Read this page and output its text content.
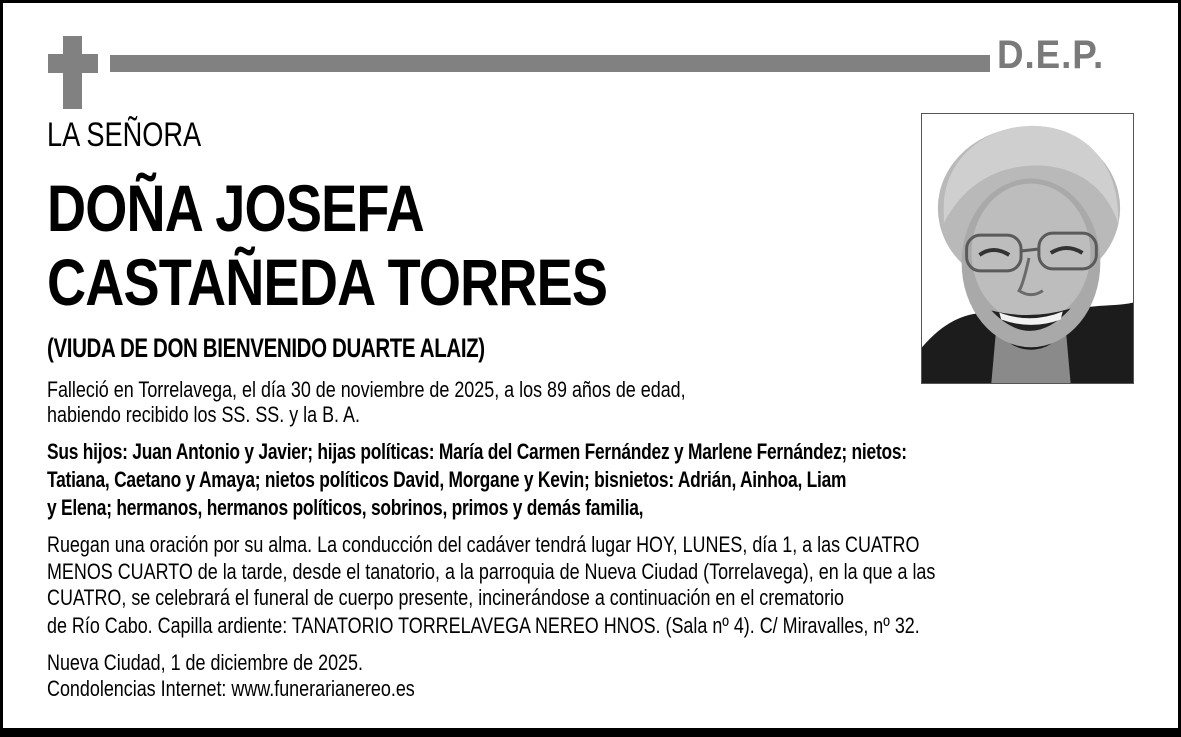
D.E.P.
LA SEÑORA
DOÑA JOSEFA
CASTAÑEDA TORRES
(VIUDA DE DON BIENVENIDO DUARTE ALAIZ)
Falleció en Torrelavega, el día 30 de noviembre de 2025, a los 89 años de edad,
habiendo recibido los SS. SS. y la B. A.
Sus hijos: Juan Antonio y Javier; hijas políticas: María del Carmen Fernández y Marlene Fernández; nietos:
Tatiana, Caetano y Amaya; nietos políticos David, Morgane y Kevin; bisnietos: Adrián, Ainhoa, Liam
y Elena; hermanos, hermanos políticos, sobrinos, primos y demás familia,
Ruegan una oración por su alma. La conducción del cadáver tendrá lugar HOY, LUNES, día 1, a las CUATRO
MENOS CUARTO de la tarde, desde el tanatorio, a la parroquia de Nueva Ciudad (Torrelavega), en la que a las
CUATRO, se celebrará el funeral de cuerpo presente, incinerándose a continuación en el crematorio
de Río Cabo. Capilla ardiente: TANATORIO TORRELAVEGA NEREO HNOS. (Sala nº 4). C/ Miravalles, nº 32.
Nueva Ciudad, 1 de diciembre de 2025.
Condolencias Internet: www.funerarianereo.es
